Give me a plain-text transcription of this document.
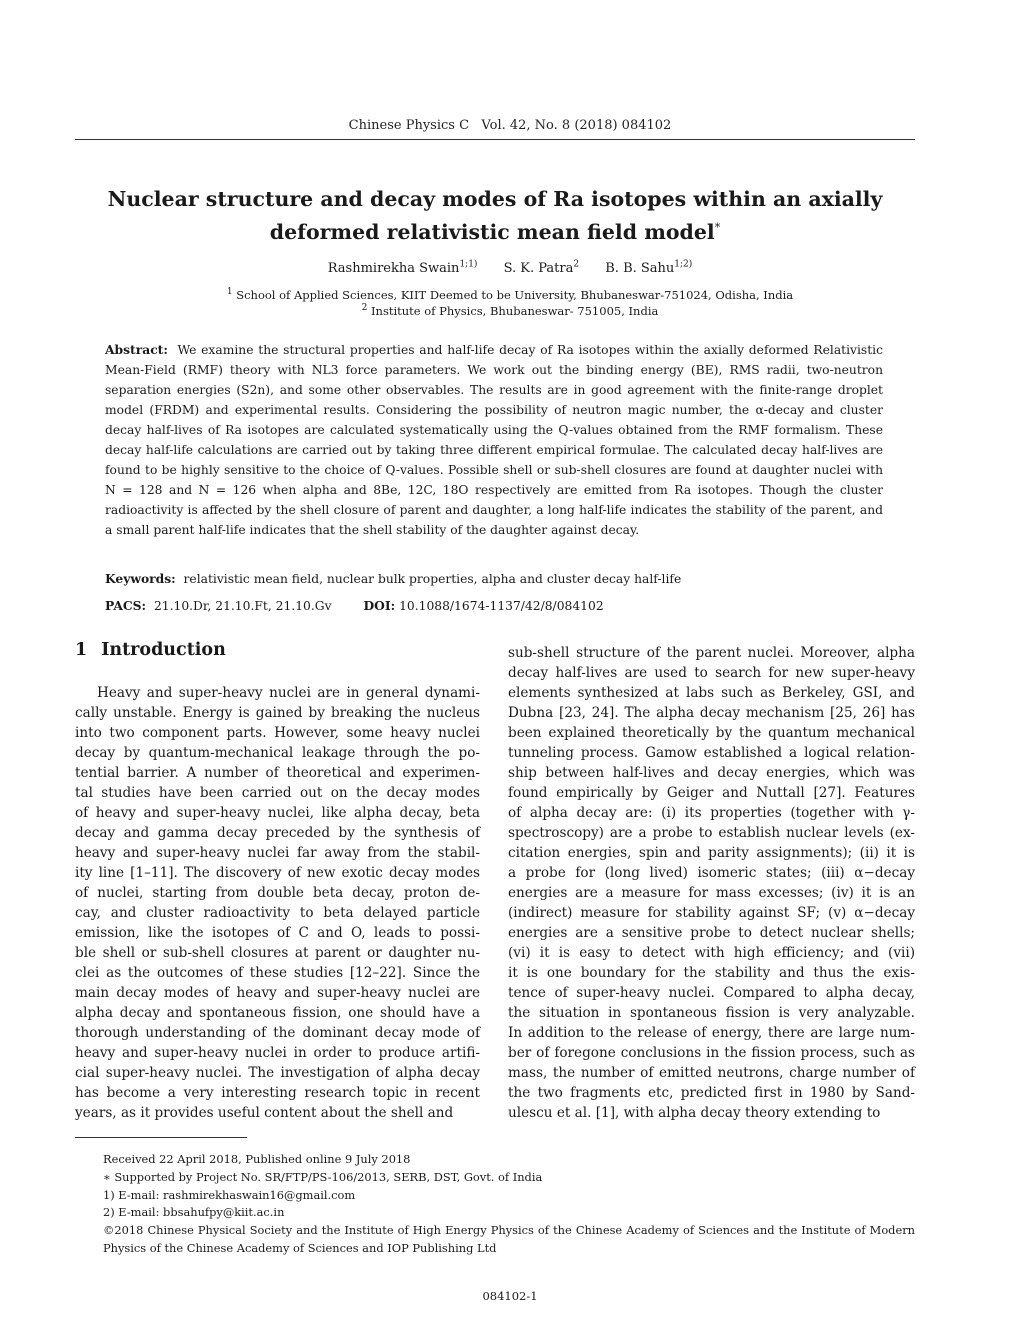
Chinese Physics C   Vol. 42, No. 8 (2018) 084102
Nuclear structure and decay modes of Ra isotopes within an axially
deformed relativistic mean field model*
Rashmirekha Swain$^{1;1)}$ S. K. Patra$^2$ B. B. Sahu$^{1;2)}$
$^1$ School of Applied Sciences, KIIT Deemed to be University, Bhubaneswar-751024, Odisha, India
$^2$ Institute of Physics, Bhubaneswar- 751005, India
Abstract: We examine the structural properties and half-life decay of Ra isotopes within the axially deformed Relativistic Mean-Field (RMF) theory with NL3 force parameters. We work out the binding energy (BE), RMS radii, two-neutron separation energies (S2n), and some other observables. The results are in good agreement with the finite-range droplet model (FRDM) and experimental results. Considering the possibility of neutron magic number, the α-decay and cluster decay half-lives of Ra isotopes are calculated systematically using the Q-values obtained from the RMF formalism. These decay half-life calculations are carried out by taking three different empirical formulae. The calculated decay half-lives are found to be highly sensitive to the choice of Q-values. Possible shell or sub-shell closures are found at daughter nuclei with N = 128 and N = 126 when alpha and 8Be, 12C, 18O respectively are emitted from Ra isotopes. Though the cluster radioactivity is affected by the shell closure of parent and daughter, a long half-life indicates the stability of the parent, and a small parent half-life indicates that the shell stability of the daughter against decay.
Keywords: relativistic mean field, nuclear bulk properties, alpha and cluster decay half-life
PACS: 21.10.Dr, 21.10.Ft, 21.10.Gv	DOI: 10.1088/1674-1137/42/8/084102
1 Introduction
Heavy and super-heavy nuclei are in general dynami-
cally unstable. Energy is gained by breaking the nucleus
into two component parts. However, some heavy nuclei
decay by quantum-mechanical leakage through the po-
tential barrier. A number of theoretical and experimen-
tal studies have been carried out on the decay modes
of heavy and super-heavy nuclei, like alpha decay, beta
decay and gamma decay preceded by the synthesis of
heavy and super-heavy nuclei far away from the stabil-
ity line [1–11]. The discovery of new exotic decay modes
of nuclei, starting from double beta decay, proton de-
cay, and cluster radioactivity to beta delayed particle
emission, like the isotopes of C and O, leads to possi-
ble shell or sub-shell closures at parent or daughter nu-
clei as the outcomes of these studies [12–22]. Since the
main decay modes of heavy and super-heavy nuclei are
alpha decay and spontaneous fission, one should have a
thorough understanding of the dominant decay mode of
heavy and super-heavy nuclei in order to produce artifi-
cial super-heavy nuclei. The investigation of alpha decay
has become a very interesting research topic in recent
years, as it provides useful content about the shell and
sub-shell structure of the parent nuclei. Moreover, alpha
decay half-lives are used to search for new super-heavy
elements synthesized at labs such as Berkeley, GSI, and
Dubna [23, 24]. The alpha decay mechanism [25, 26] has
been explained theoretically by the quantum mechanical
tunneling process. Gamow established a logical relation-
ship between half-lives and decay energies, which was
found empirically by Geiger and Nuttall [27]. Features
of alpha decay are: (i) its properties (together with γ-
spectroscopy) are a probe to establish nuclear levels (ex-
citation energies, spin and parity assignments); (ii) it is
a probe for (long lived) isomeric states; (iii) α−decay
energies are a measure for mass excesses; (iv) it is an
(indirect) measure for stability against SF; (v) α−decay
energies are a sensitive probe to detect nuclear shells;
(vi) it is easy to detect with high efficiency; and (vii)
it is one boundary for the stability and thus the exis-
tence of super-heavy nuclei. Compared to alpha decay,
the situation in spontaneous fission is very analyzable.
In addition to the release of energy, there are large num-
ber of foregone conclusions in the fission process, such as
mass, the number of emitted neutrons, charge number of
the two fragments etc, predicted first in 1980 by Sand-
ulescu et al. [1], with alpha decay theory extending to
Received 22 April 2018, Published online 9 July 2018
∗ Supported by Project No. SR/FTP/PS-106/2013, SERB, DST, Govt. of India
1) E-mail: rashmirekhaswain16@gmail.com
2) E-mail: bbsahufpy@kiit.ac.in
©2018 Chinese Physical Society and the Institute of High Energy Physics of the Chinese Academy of Sciences and the Institute of Modern Physics of the Chinese Academy of Sciences and IOP Publishing Ltd
084102-1
